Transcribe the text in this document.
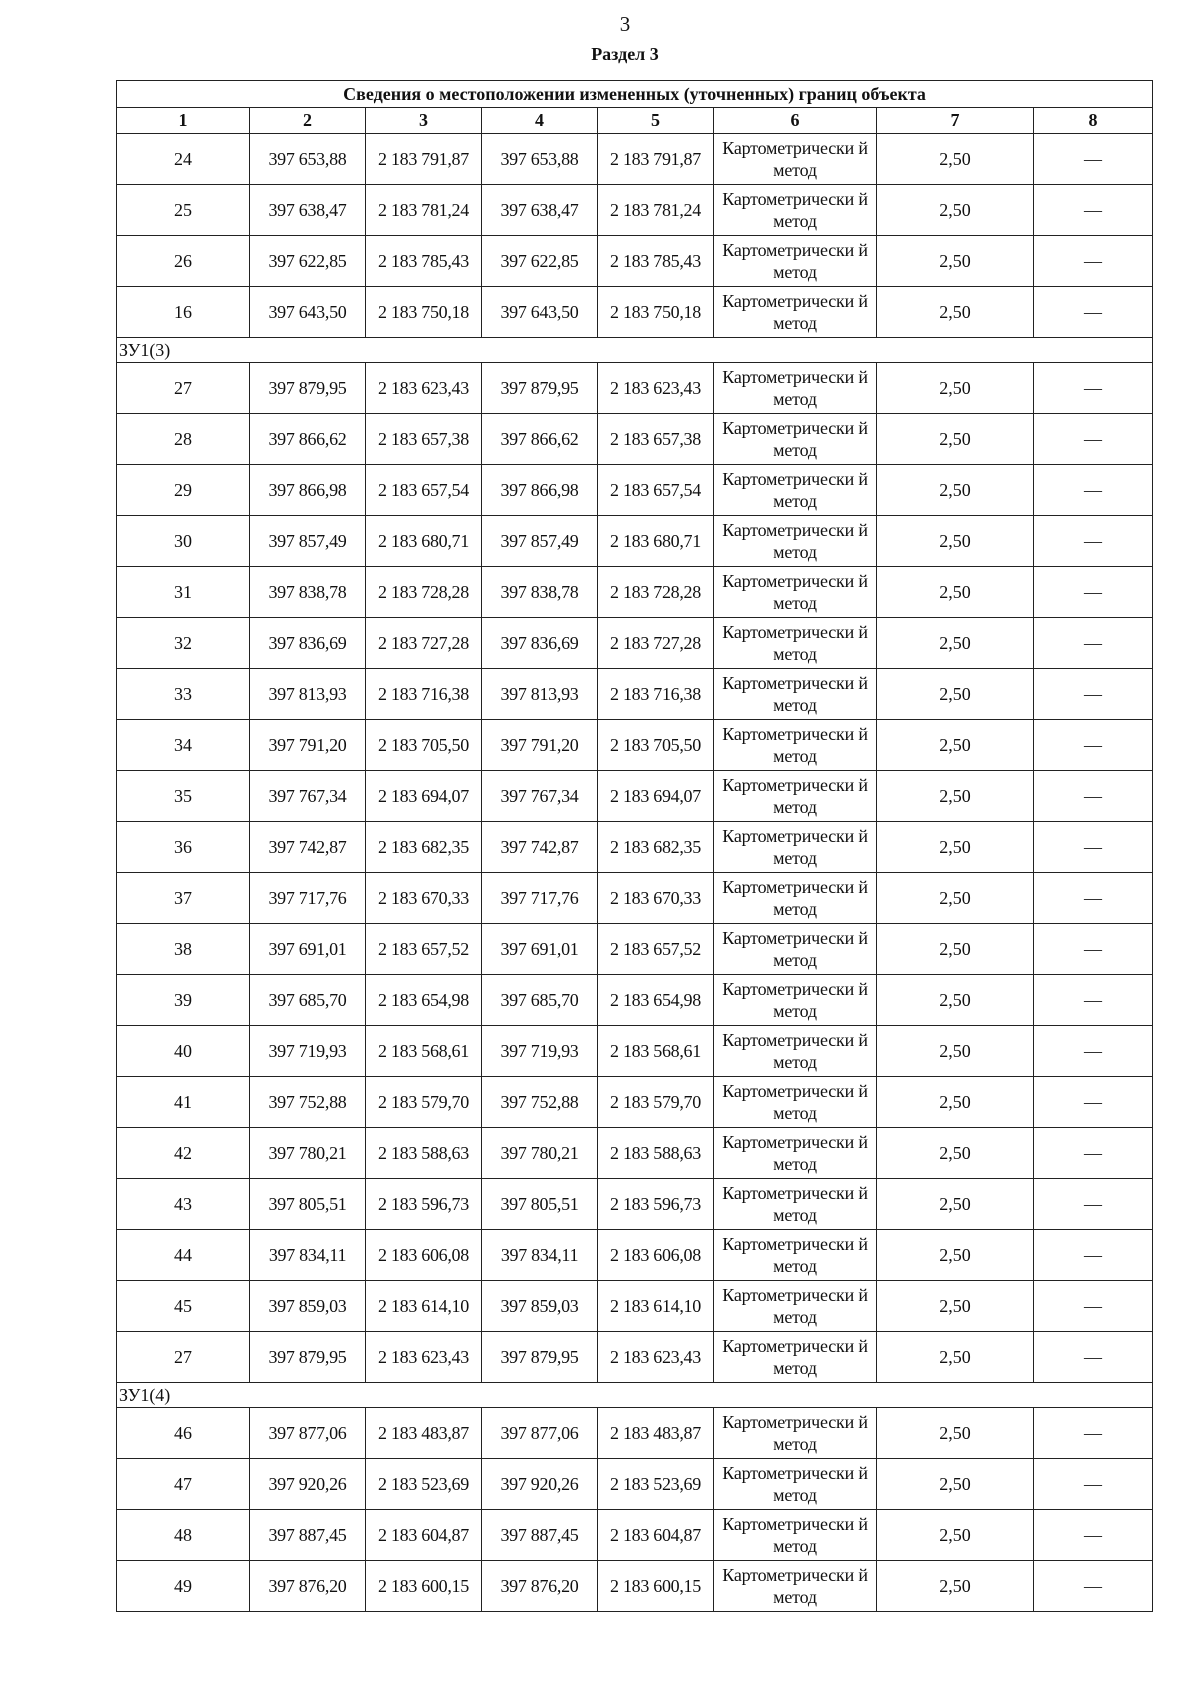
3
Раздел 3
Сведения о местоположении измененных (уточненных) границ объекта							
1	2	3	4	5	6	7	8
24	397 653,88	2 183 791,87	397 653,88	2 183 791,87	Картометрически й метод	2,50	—
25	397 638,47	2 183 781,24	397 638,47	2 183 781,24	Картометрически й метод	2,50	—
26	397 622,85	2 183 785,43	397 622,85	2 183 785,43	Картометрически й метод	2,50	—
16	397 643,50	2 183 750,18	397 643,50	2 183 750,18	Картометрически й метод	2,50	—
ЗУ1(3)							
27	397 879,95	2 183 623,43	397 879,95	2 183 623,43	Картометрически й метод	2,50	—
28	397 866,62	2 183 657,38	397 866,62	2 183 657,38	Картометрически й метод	2,50	—
29	397 866,98	2 183 657,54	397 866,98	2 183 657,54	Картометрически й метод	2,50	—
30	397 857,49	2 183 680,71	397 857,49	2 183 680,71	Картометрически й метод	2,50	—
31	397 838,78	2 183 728,28	397 838,78	2 183 728,28	Картометрически й метод	2,50	—
32	397 836,69	2 183 727,28	397 836,69	2 183 727,28	Картометрически й метод	2,50	—
33	397 813,93	2 183 716,38	397 813,93	2 183 716,38	Картометрически й метод	2,50	—
34	397 791,20	2 183 705,50	397 791,20	2 183 705,50	Картометрически й метод	2,50	—
35	397 767,34	2 183 694,07	397 767,34	2 183 694,07	Картометрически й метод	2,50	—
36	397 742,87	2 183 682,35	397 742,87	2 183 682,35	Картометрически й метод	2,50	—
37	397 717,76	2 183 670,33	397 717,76	2 183 670,33	Картометрически й метод	2,50	—
38	397 691,01	2 183 657,52	397 691,01	2 183 657,52	Картометрически й метод	2,50	—
39	397 685,70	2 183 654,98	397 685,70	2 183 654,98	Картометрически й метод	2,50	—
40	397 719,93	2 183 568,61	397 719,93	2 183 568,61	Картометрически й метод	2,50	—
41	397 752,88	2 183 579,70	397 752,88	2 183 579,70	Картометрически й метод	2,50	—
42	397 780,21	2 183 588,63	397 780,21	2 183 588,63	Картометрически й метод	2,50	—
43	397 805,51	2 183 596,73	397 805,51	2 183 596,73	Картометрически й метод	2,50	—
44	397 834,11	2 183 606,08	397 834,11	2 183 606,08	Картометрически й метод	2,50	—
45	397 859,03	2 183 614,10	397 859,03	2 183 614,10	Картометрически й метод	2,50	—
27	397 879,95	2 183 623,43	397 879,95	2 183 623,43	Картометрически й метод	2,50	—
ЗУ1(4)							
46	397 877,06	2 183 483,87	397 877,06	2 183 483,87	Картометрически й метод	2,50	—
47	397 920,26	2 183 523,69	397 920,26	2 183 523,69	Картометрически й метод	2,50	—
48	397 887,45	2 183 604,87	397 887,45	2 183 604,87	Картометрически й метод	2,50	—
49	397 876,20	2 183 600,15	397 876,20	2 183 600,15	Картометрически й метод	2,50	—
